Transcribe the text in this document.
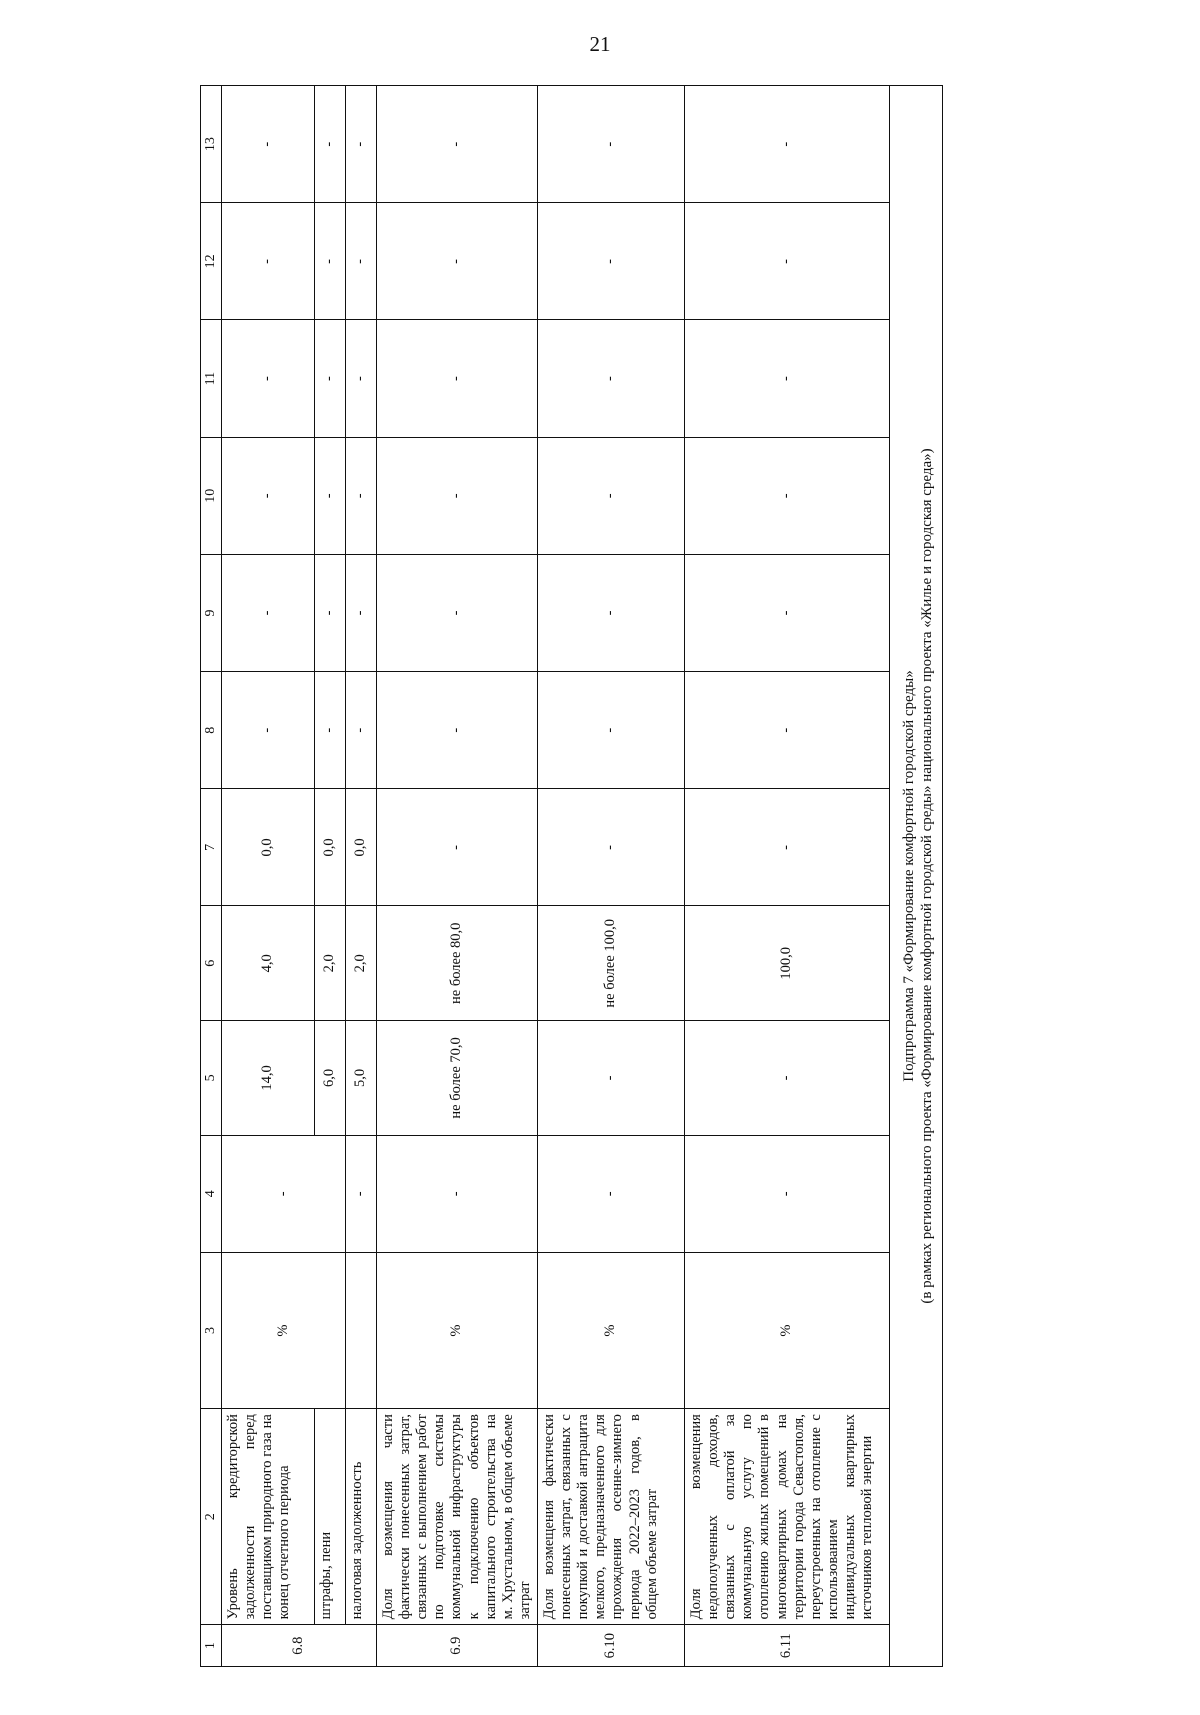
21
1	2	3	4	5	6	7	8	9	10	11	12	13
6.8	Уровень кредиторской задолженности перед поставщиком природного газа на конец отчетного периода	%	-	14,0	4,0	0,0	-	-	-	-	-	-
	штрафы, пени			6,0	2,0	0,0	-	-	-	-	-	-
	налоговая задолженность		-	5,0	2,0	0,0	-	-	-	-	-	-
6.9	Доля возмещения части фактически понесенных затрат, связанных с выполнением работ по подготовке системы коммунальной инфраструктуры к подключению объектов капитального строительства на м. Хрустальном, в общем объеме затрат	%	-	не более 70,0	не более 80,0	-	-	-	-	-	-	-
6.10	Доля возмещения фактически понесенных затрат, связанных с покупкой и доставкой антрацита мелкого, предназначенного для прохождения осенне-зимнего периода 2022–2023 годов, в общем объеме затрат	%	-	-	не более 100,0	-	-	-	-	-	-	-
6.11	Доля возмещения недополученных доходов, связанных с оплатой за коммунальную услугу по отоплению жилых помещений в многоквартирных домах на территории города Севастополя, переустроенных на отопление с использованием индивидуальных квартирных источников тепловой энергии	%	-	-	100,0	-	-	-	-	-	-	-

Подпрограмма 7 «Формирование комфортной городской среды» (в рамках регионального проекта «Формирование комфортной городской среды» национального проекта «Жилье и городская среда»)												
